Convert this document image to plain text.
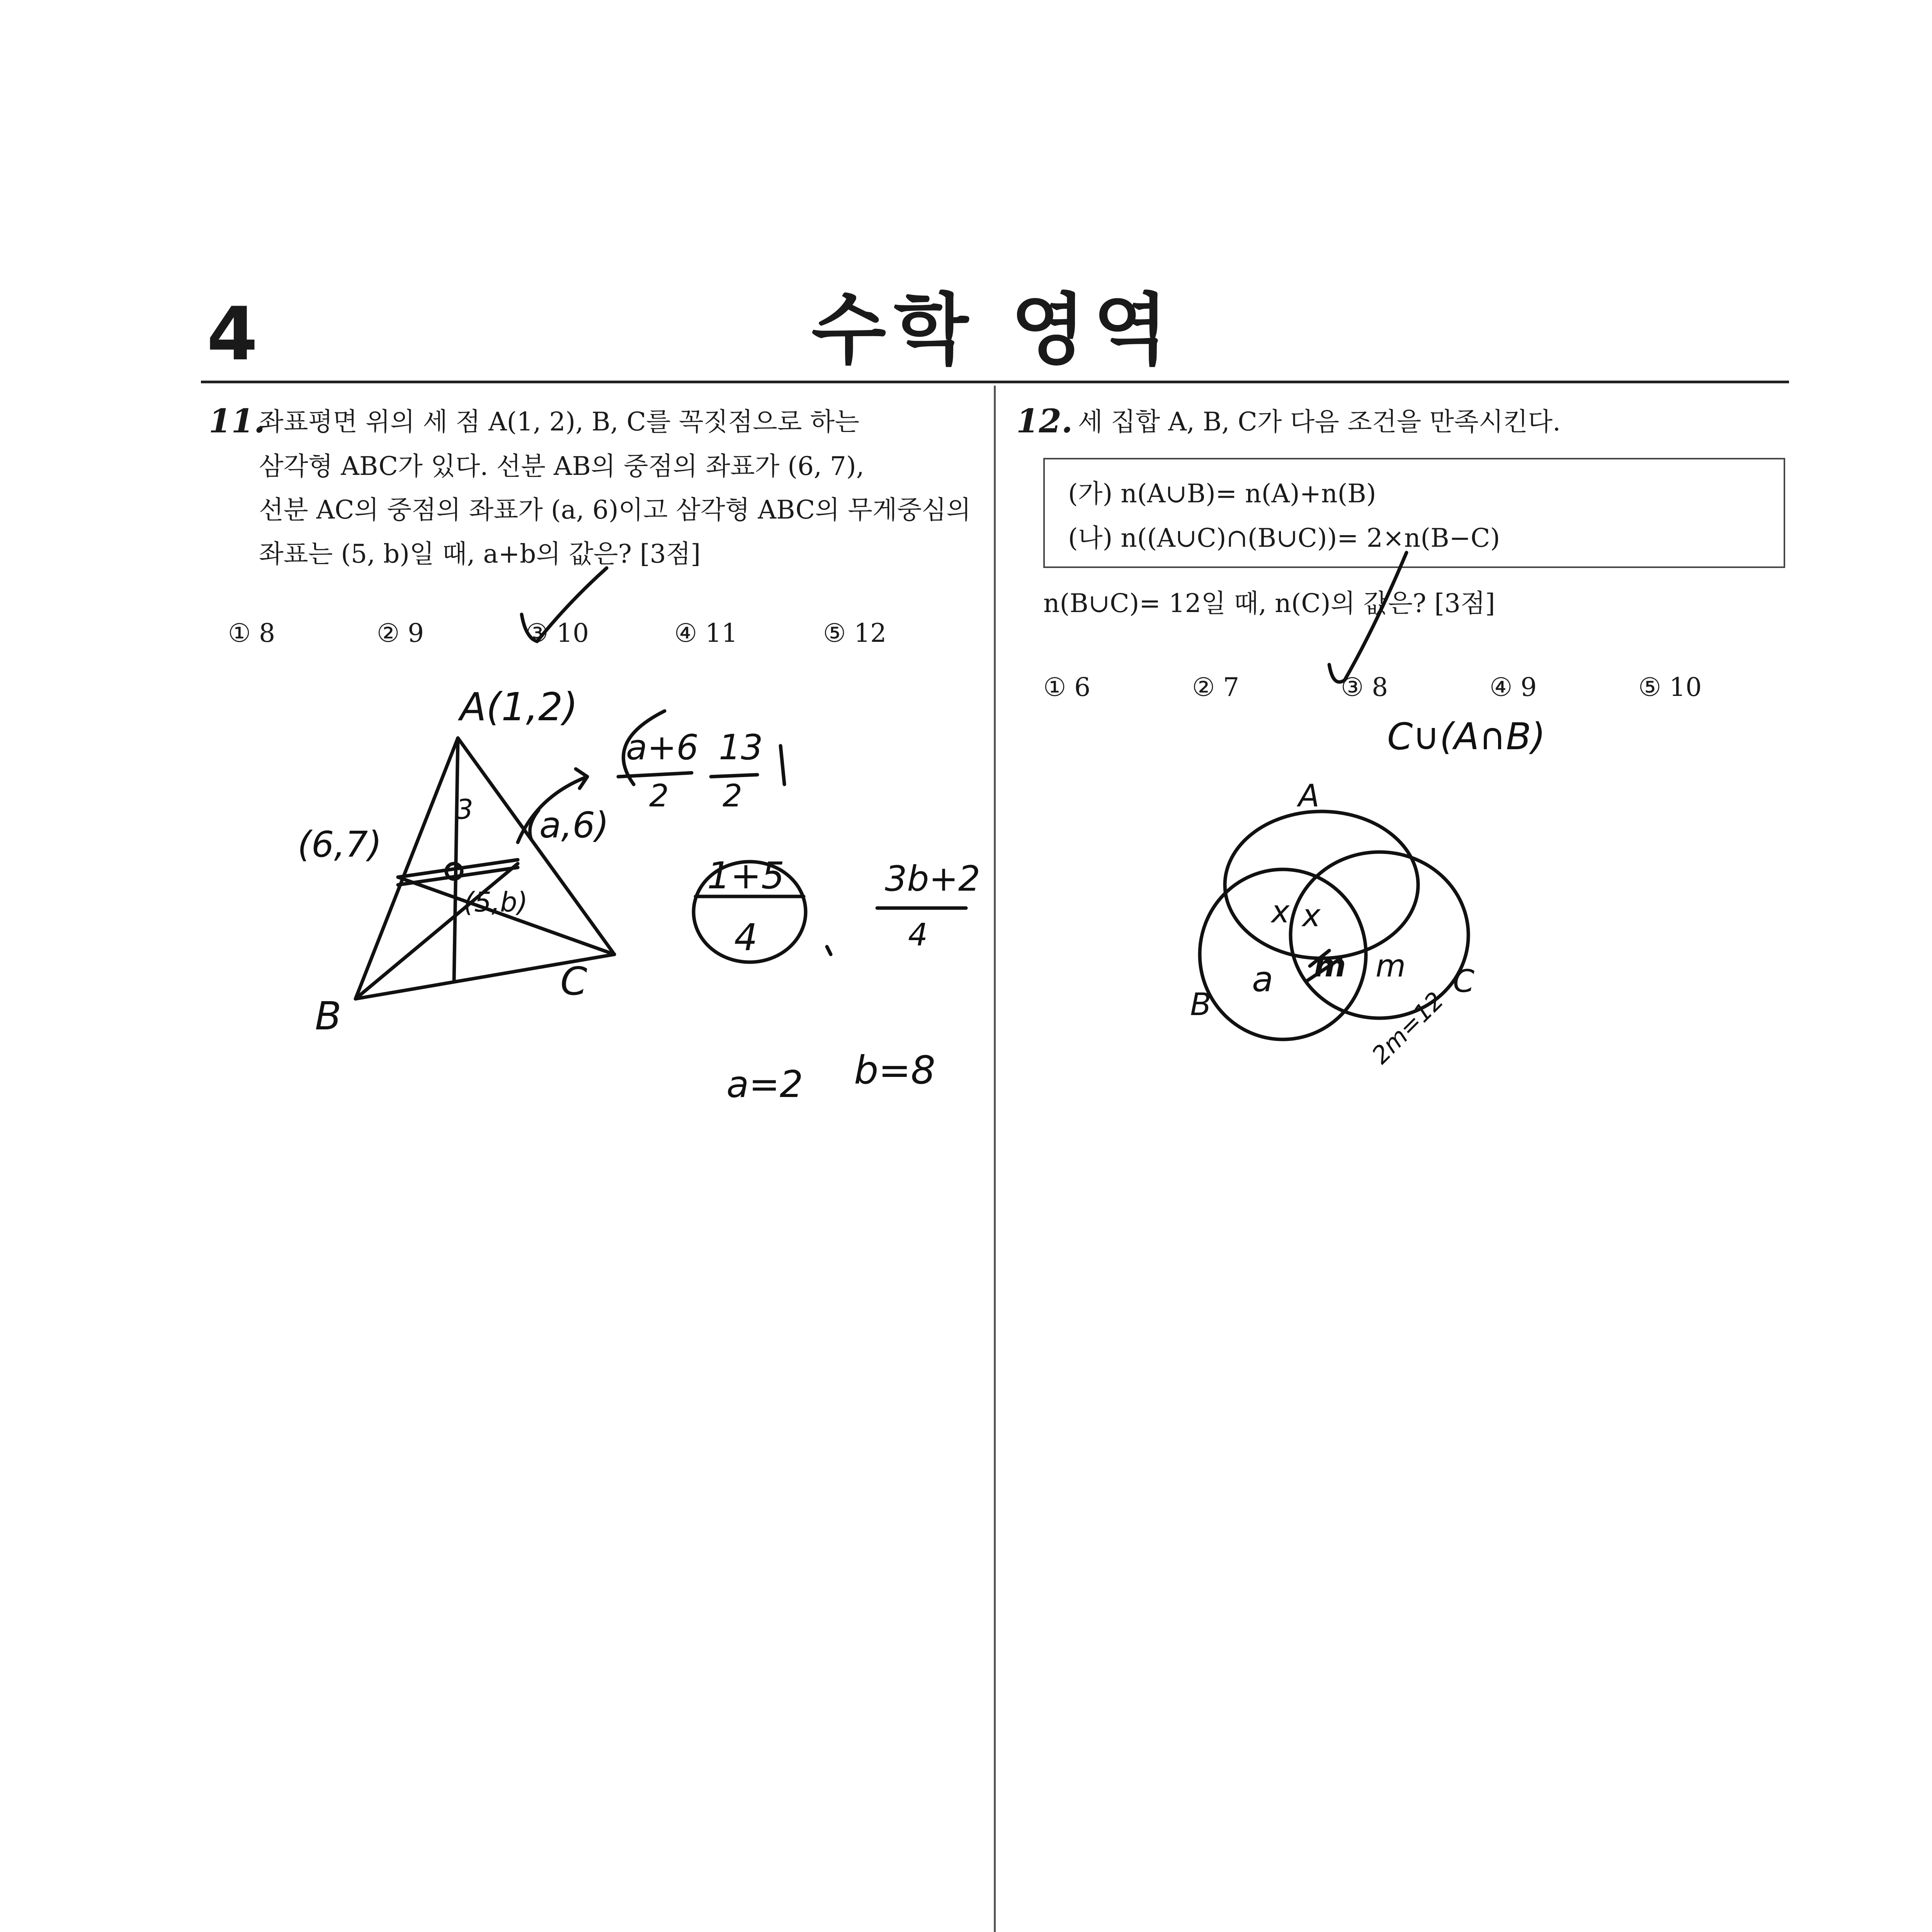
4	수학 영역
11.
좌표평면 위의 세 점 A(1, 2), B, C를 꼭짓점으로 하는
삼각형 ABC가 있다. 선분 AB의 중점의 좌표가 (6, 7),
선분 AC의 중점의 좌표가 (a, 6)이고 삼각형 ABC의 무게중심의
좌표는 (5, b)일 때, a+b의 값은? [3점]
① 8	② 9	③ 10	④ 11	⑤ 12
12. 세 집합 A, B, C가 다음 조건을 만족시킨다.
(가) n(A∪B)= n(A)+n(B)
(나) n((A∪C)∩(B∪C))= 2×n(B−C)
n(B∪C)= 12일 때, n(C)의 값은? [3점]
① 6	② 7	③ 8	④ 9	⑤ 10
A(1,2)
B
C
(6,7)	(a,6)
(5,b)
3
a+6
2
13
2
1+5
4
3b+2
4
a=2 b=8
C∪(A∩B)
A
B
C
x x
a m m
2m=12
